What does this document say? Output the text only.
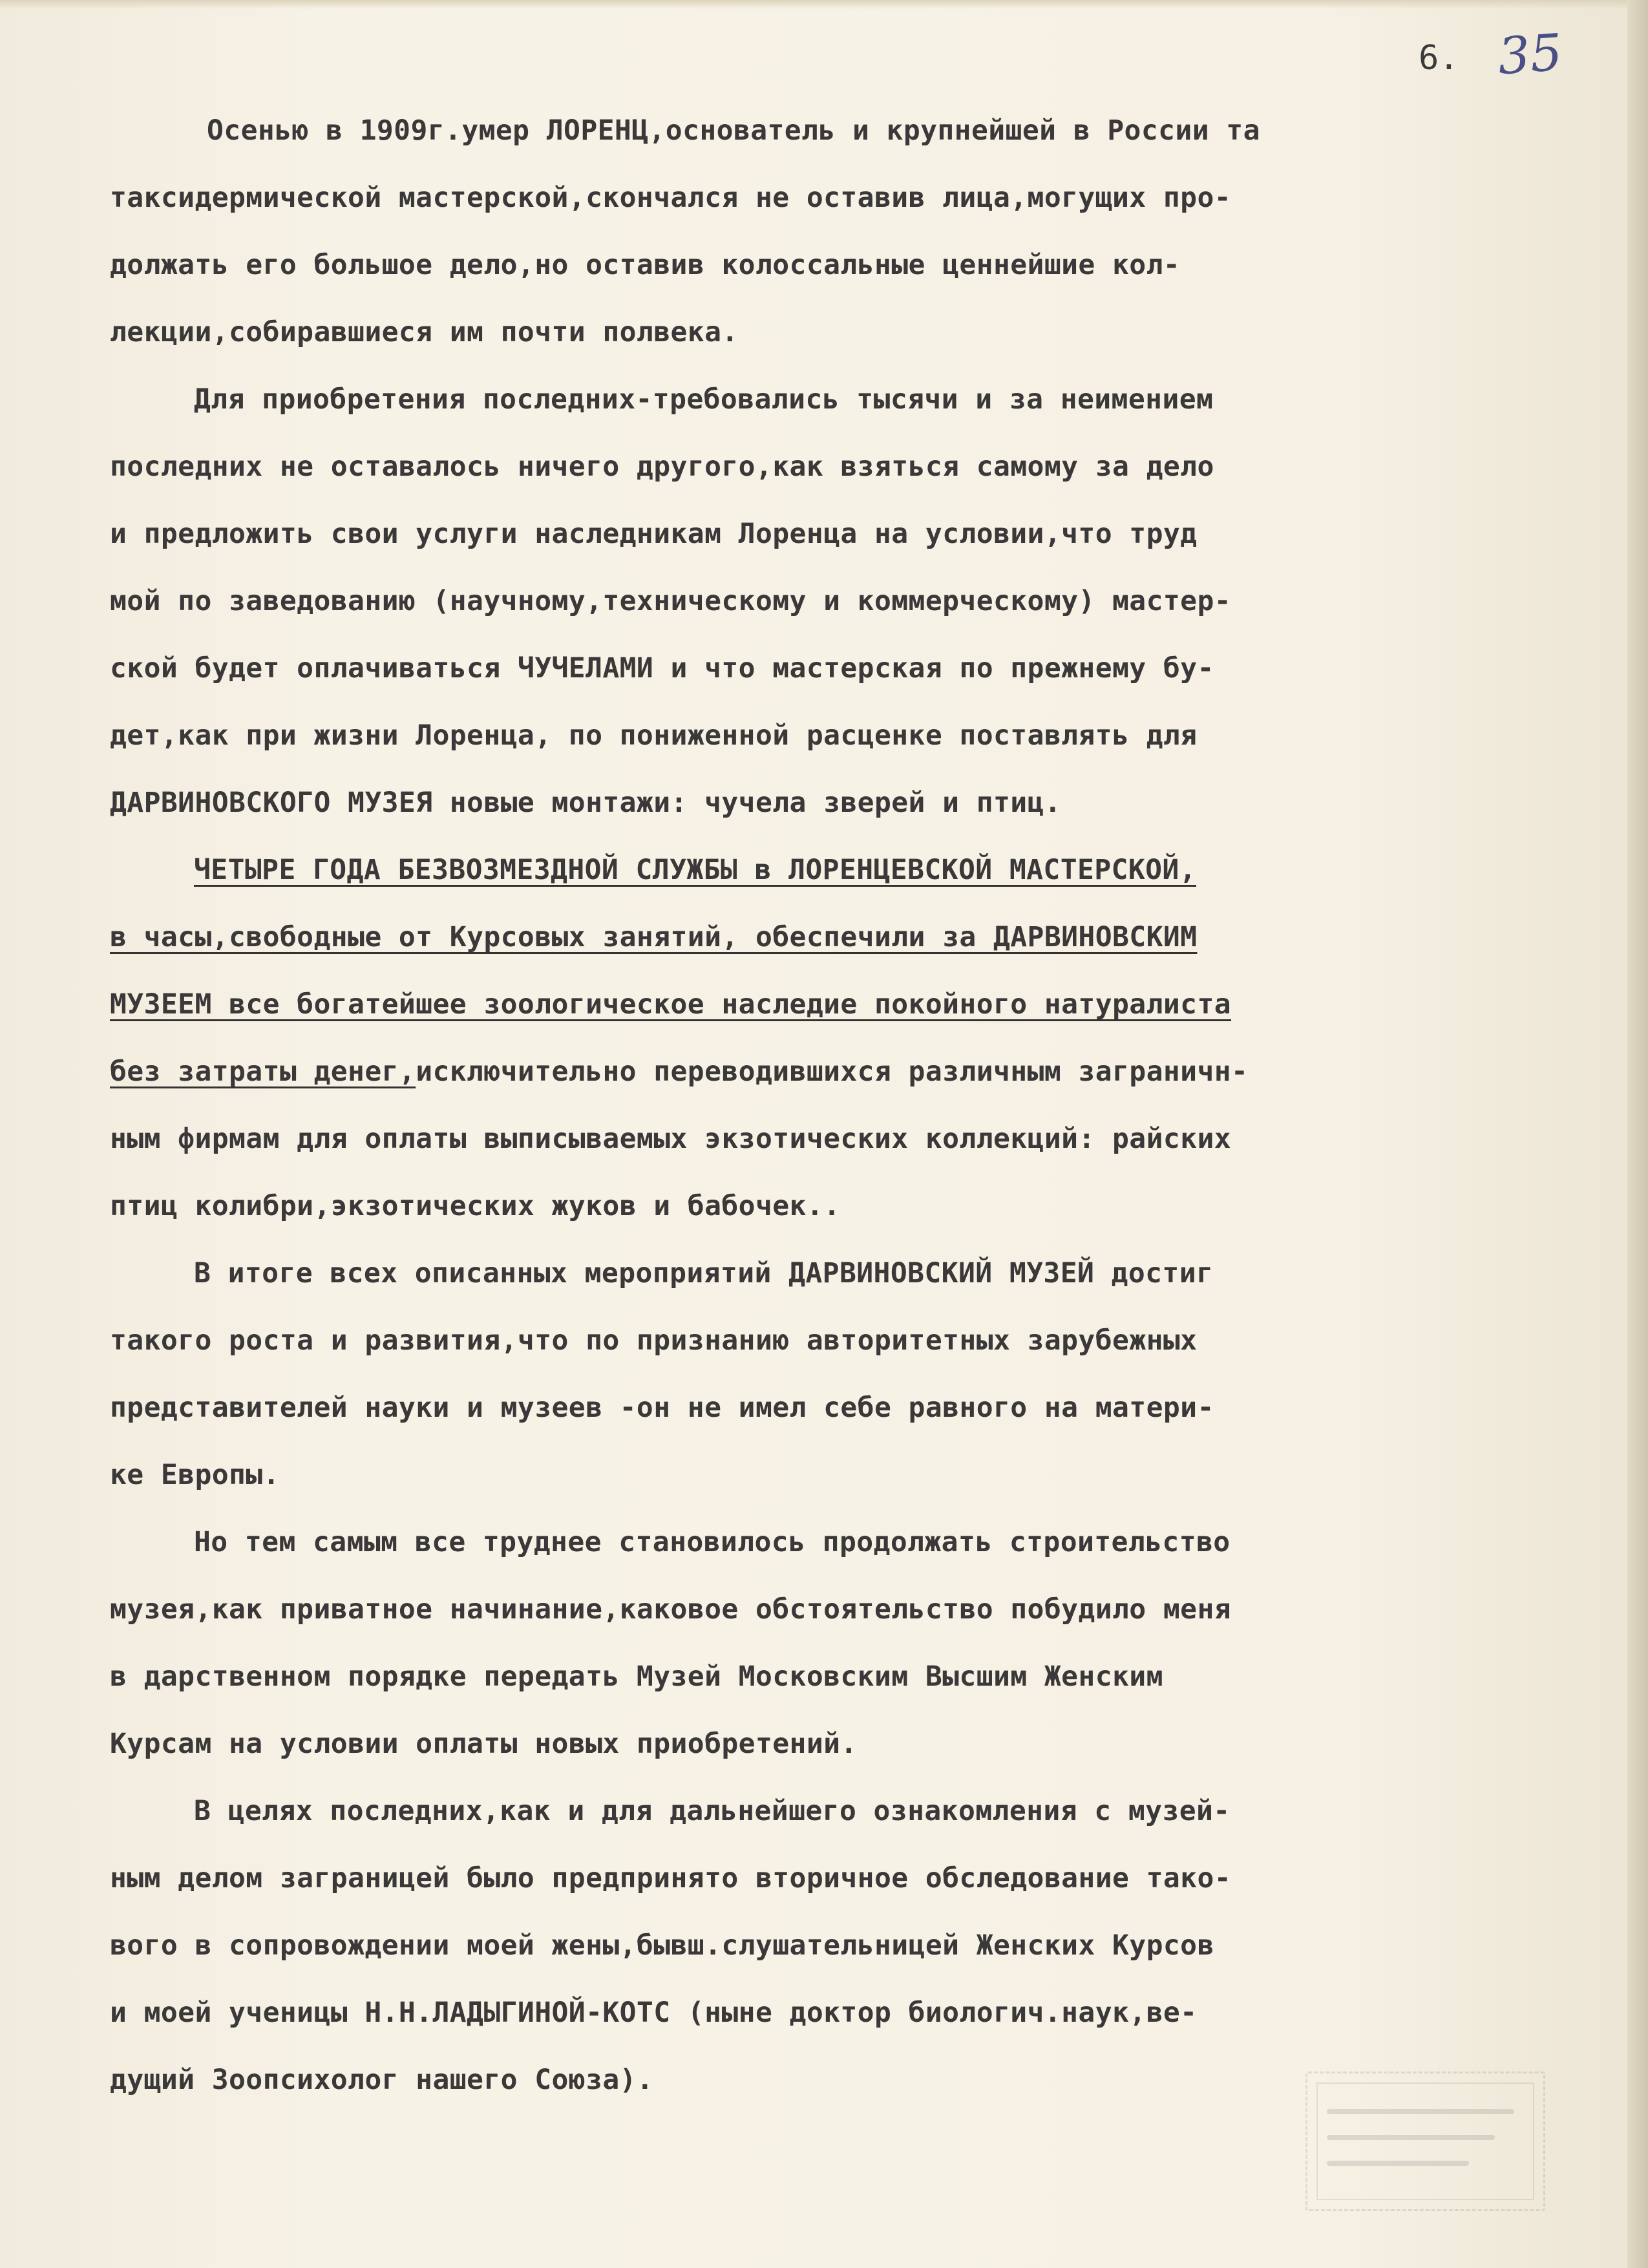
6. 35
Осенью в 1909г.умер ЛОРЕНЦ,основатель и крупнейшей в России та
таксидермической мастерской,скончался не оставив лица,могущих про-
должать его большое дело,но оставив колоссальные ценнейшие кол-
лекции,собиравшиеся им почти полвека.
Для приобретения последних-требовались тысячи и за неимением
последних не оставалось ничего другого,как взяться самому за дело
и предложить свои услуги наследникам Лоренца на условии,что труд
мой по заведованию (научному,техническому и коммерческому) мастер-
ской будет оплачиваться ЧУЧЕЛАМИ и что мастерская по прежнему бу-
дет,как при жизни Лоренца, по пониженной расценке поставлять для
ДАРВИНОВСКОГО МУЗЕЯ новые монтажи: чучела зверей и птиц.
ЧЕТЫРЕ ГОДА БЕЗВОЗМЕЗДНОЙ СЛУЖБЫ в ЛОРЕНЦЕВСКОЙ МАСТЕРСКОЙ,
в часы,свободные от Курсовых занятий, обеспечили за ДАРВИНОВСКИМ
МУЗЕЕМ все богатейшее зоологическое наследие покойного натуралиста
без затраты денег,исключительно переводившихся различным заграничн-
ным фирмам для оплаты выписываемых экзотических коллекций: райских
птиц колибри,экзотических жуков и бабочек..
В итоге всех описанных мероприятий ДАРВИНОВСКИЙ МУЗЕЙ достиг
такого роста и развития,что по признанию авторитетных зарубежных
представителей науки и музеев -он не имел себе равного на матери-
ке Европы.
Но тем самым все труднее становилось продолжать строительство
музея,как приватное начинание,каковое обстоятельство побудило меня
в дарственном порядке передать Музей Московским Высшим Женским
Курсам на условии оплаты новых приобретений.
В целях последних,как и для дальнейшего ознакомления с музей-
ным делом заграницей было предпринято вторичное обследование тако-
вого в сопровождении моей жены,бывш.слушательницей Женских Курсов
и моей ученицы Н.Н.ЛАДЫГИНОЙ-КОТС (ныне доктор биологич.наук,ве-
дущий Зоопсихолог нашего Союза).
